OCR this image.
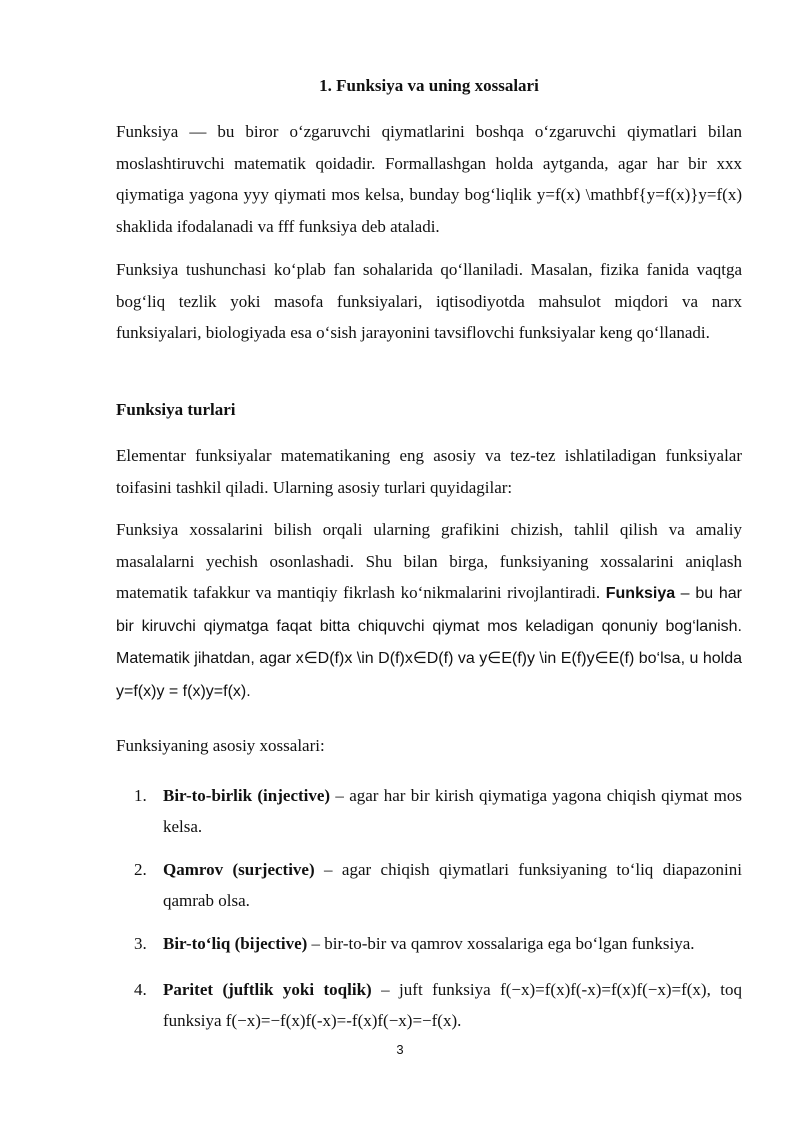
1. Funksiya va uning xossalari

Funksiya — bu biror o‘zgaruvchi qiymatlarini boshqa o‘zgaruvchi qiymatlari bilan moslashtiruvchi matematik qoidadir. Formallashgan holda aytganda, agar har bir xxx qiymatiga yagona yyy qiymati mos kelsa, bunday bog‘liqlik y=f(x) \mathbf{y=f(x)}y=f(x) shaklida ifodalanadi va fff funksiya deb ataladi.

Funksiya tushunchasi ko‘plab fan sohalarida qo‘llaniladi. Masalan, fizika fanida vaqtga bog‘liq tezlik yoki masofa funksiyalari, iqtisodiyotda mahsulot miqdori va narx funksiyalari, biologiyada esa o‘sish jarayonini tavsiflovchi funksiyalar keng qo‘llanadi.

Funksiya turlari

Elementar funksiyalar matematikaning eng asosiy va tez-tez ishlatiladigan funksiyalar toifasini tashkil qiladi. Ularning asosiy turlari quyidagilar:

Funksiya xossalarini bilish orqali ularning grafikini chizish, tahlil qilish va amaliy masalalarni yechish osonlashadi. Shu bilan birga, funksiyaning xossalarini aniqlash matematik tafakkur va mantiqiy fikrlash ko‘nikmalarini rivojlantiradi. Funksiya – bu har bir kiruvchi qiymatga faqat bitta chiquvchi qiymat mos keladigan qonuniy bog‘lanish. Matematik jihatdan, agar x∈D(f)x \in D(f)x∈D(f) va y∈E(f)y \in E(f)y∈E(f) bo‘lsa, u holda y=f(x)y = f(x)y=f(x).

Funksiyaning asosiy xossalari:
1. Bir-to-birlik (injective) – agar har bir kirish qiymatiga yagona chiqish qiymat mos kelsa.
2. Qamrov (surjective) – agar chiqish qiymatlari funksiyaning to‘liq diapazonini qamrab olsa.
3. Bir-to‘liq (bijective) – bir-to-bir va qamrov xossalariga ega bo‘lgan funksiya.
4. Paritet (juftlik yoki toqlik) – juft funksiya f(−x)=f(x)f(-x)=f(x)f(−x)=f(x), toq funksiya f(−x)=−f(x)f(-x)=-f(x)f(−x)=−f(x).
3
